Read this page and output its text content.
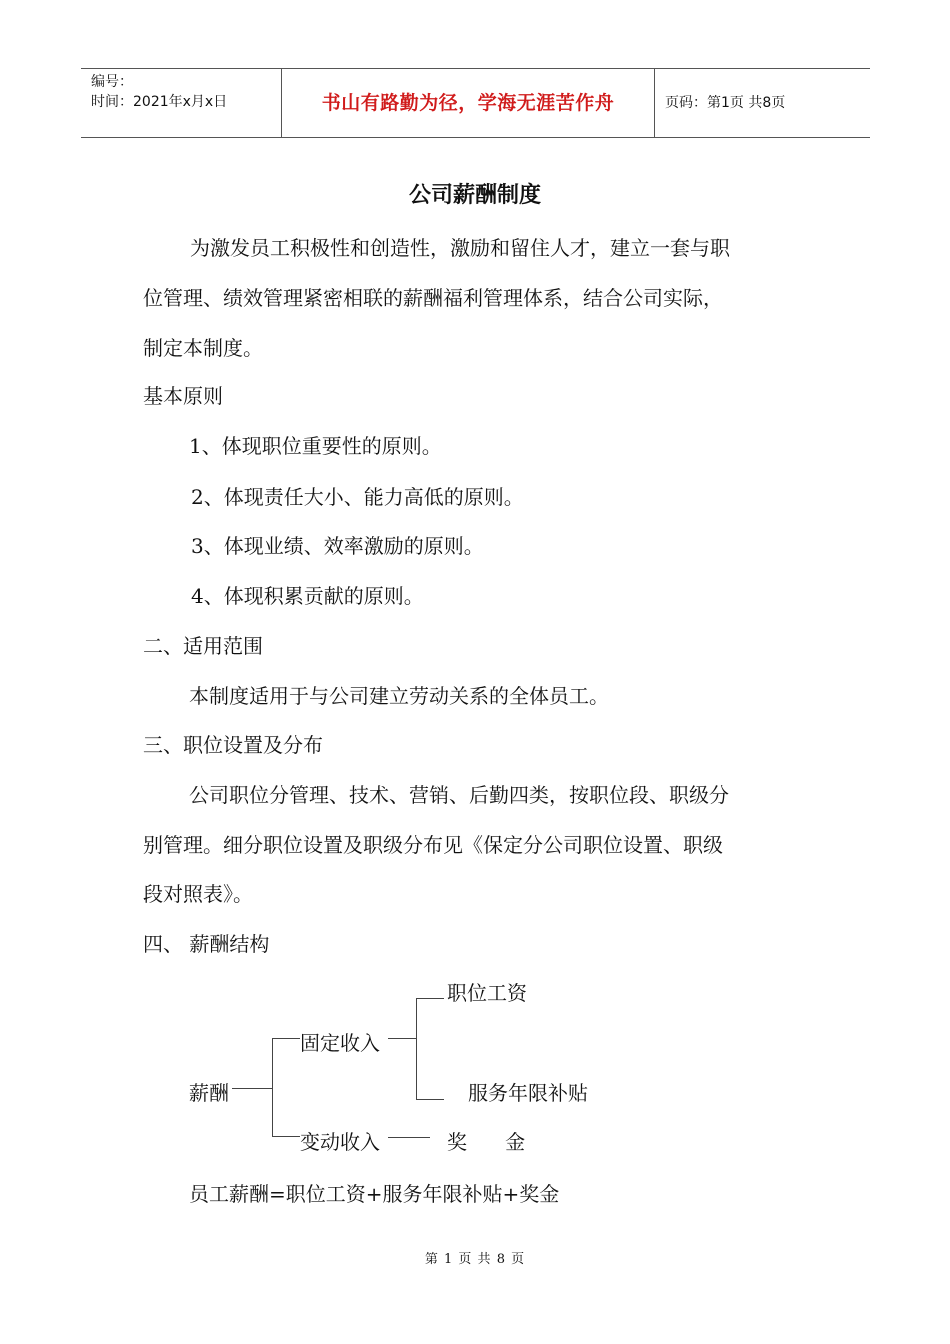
编号：
时间：2021年x月x日	书山有路勤为径，学海无涯苦作舟	页码：第1页 共8页
公司薪酬制度
为激发员工积极性和创造性，激励和留住人才，建立一套与职
位管理、绩效管理紧密相联的薪酬福利管理体系，结合公司实际，
制定本制度。
基本原则
1、体现职位重要性的原则。
2、体现责任大小、能力高低的原则。
3、体现业绩、效率激励的原则。
4、体现积累贡献的原则。
二、适用范围
本制度适用于与公司建立劳动关系的全体员工。
三、职位设置及分布
公司职位分管理、技术、营销、后勤四类，按职位段、职级分
别管理。细分职位设置及职级分布见《保定分公司职位设置、职级
段对照表》。
四、 薪酬结构
薪酬
固定收入
职位工资
服务年限补贴
变动收入	奖      金
员工薪酬=职位工资+服务年限补贴+奖金
第 1 页 共 8 页
